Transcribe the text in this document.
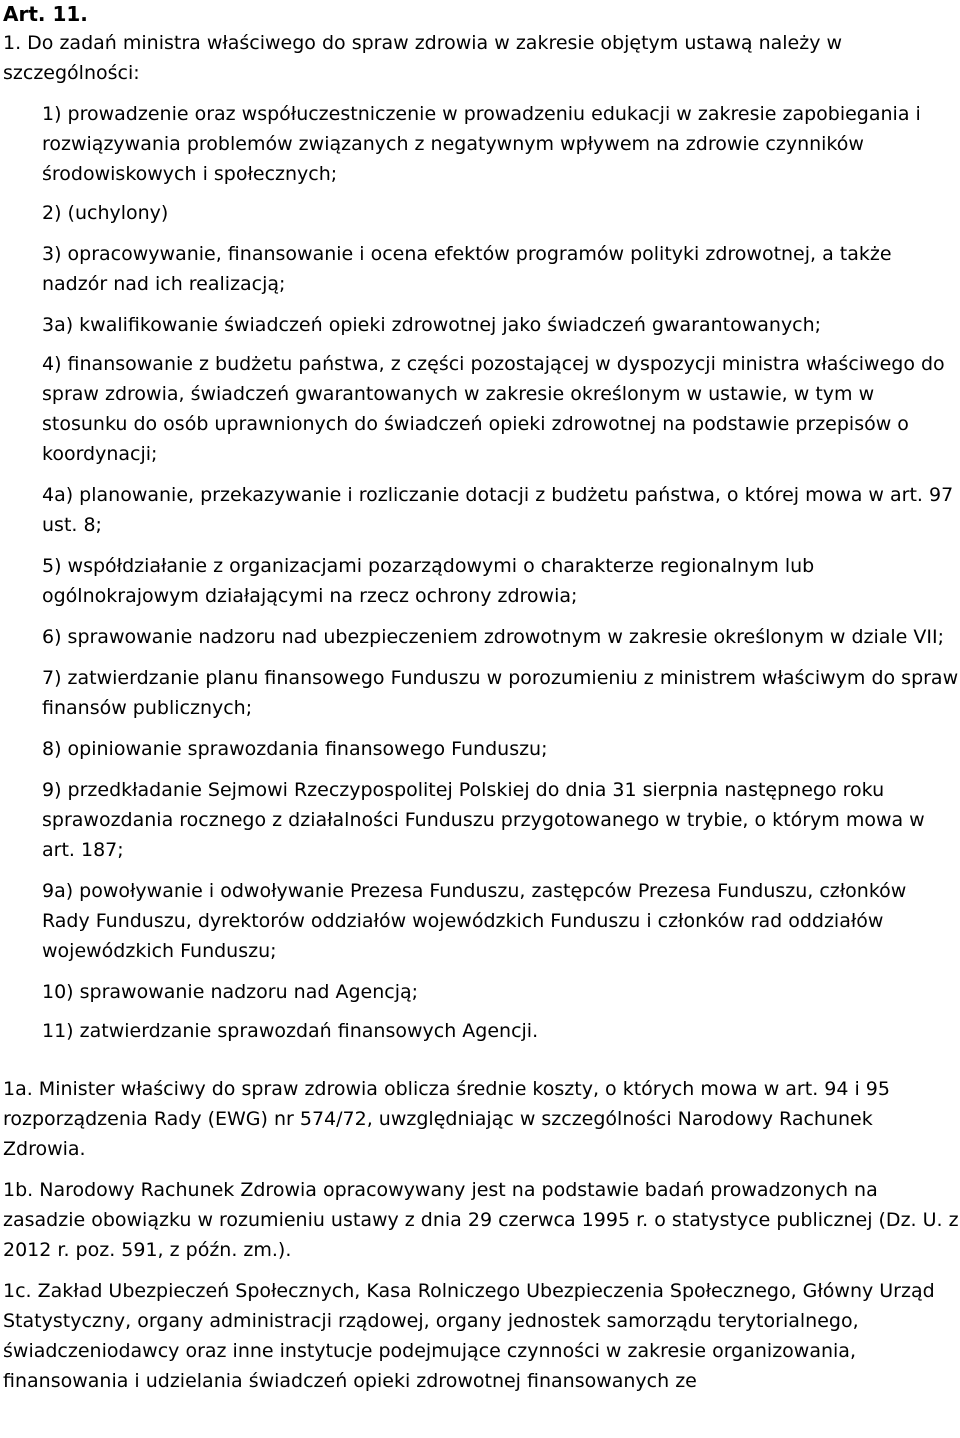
Art. 11.

1. Do zadań ministra właściwego do spraw zdrowia w zakresie objętym ustawą należy w szczególności:

1) prowadzenie oraz współuczestniczenie w prowadzeniu edukacji w zakresie zapobiegania i rozwiązywania problemów związanych z negatywnym wpływem na zdrowie czynników środowiskowych i społecznych;

2) (uchylony)

3) opracowywanie, finansowanie i ocena efektów programów polityki zdrowotnej, a także nadzór nad ich realizacją;

3a) kwalifikowanie świadczeń opieki zdrowotnej jako świadczeń gwarantowanych;

4) finansowanie z budżetu państwa, z części pozostającej w dyspozycji ministra właściwego do spraw zdrowia, świadczeń gwarantowanych w zakresie określonym w ustawie, w tym w stosunku do osób uprawnionych do świadczeń opieki zdrowotnej na podstawie przepisów o koordynacji;

4a) planowanie, przekazywanie i rozliczanie dotacji z budżetu państwa, o której mowa w art. 97 ust. 8;

5) współdziałanie z organizacjami pozarządowymi o charakterze regionalnym lub ogólnokrajowym działającymi na rzecz ochrony zdrowia;

6) sprawowanie nadzoru nad ubezpieczeniem zdrowotnym w zakresie określonym w dziale VII;

7) zatwierdzanie planu finansowego Funduszu w porozumieniu z ministrem właściwym do spraw finansów publicznych;

8) opiniowanie sprawozdania finansowego Funduszu;

9) przedkładanie Sejmowi Rzeczypospolitej Polskiej do dnia 31 sierpnia następnego roku sprawozdania rocznego z działalności Funduszu przygotowanego w trybie, o którym mowa w art. 187;

9a) powoływanie i odwoływanie Prezesa Funduszu, zastępców Prezesa Funduszu, członków Rady Funduszu, dyrektorów oddziałów wojewódzkich Funduszu i członków rad oddziałów wojewódzkich Funduszu;

10) sprawowanie nadzoru nad Agencją;

11) zatwierdzanie sprawozdań finansowych Agencji.

1a. Minister właściwy do spraw zdrowia oblicza średnie koszty, o których mowa w art. 94 i 95 rozporządzenia Rady (EWG) nr 574/72, uwzględniając w szczególności Narodowy Rachunek Zdrowia.

1b. Narodowy Rachunek Zdrowia opracowywany jest na podstawie badań prowadzonych na zasadzie obowiązku w rozumieniu ustawy z dnia 29 czerwca 1995 r. o statystyce publicznej (Dz. U. z 2012 r. poz. 591, z późn. zm.).

1c. Zakład Ubezpieczeń Społecznych, Kasa Rolniczego Ubezpieczenia Społecznego, Główny Urząd Statystyczny, organy administracji rządowej, organy jednostek samorządu terytorialnego, świadczeniodawcy oraz inne instytucje podejmujące czynności w zakresie organizowania, finansowania i udzielania świadczeń opieki zdrowotnej finansowanych ze
